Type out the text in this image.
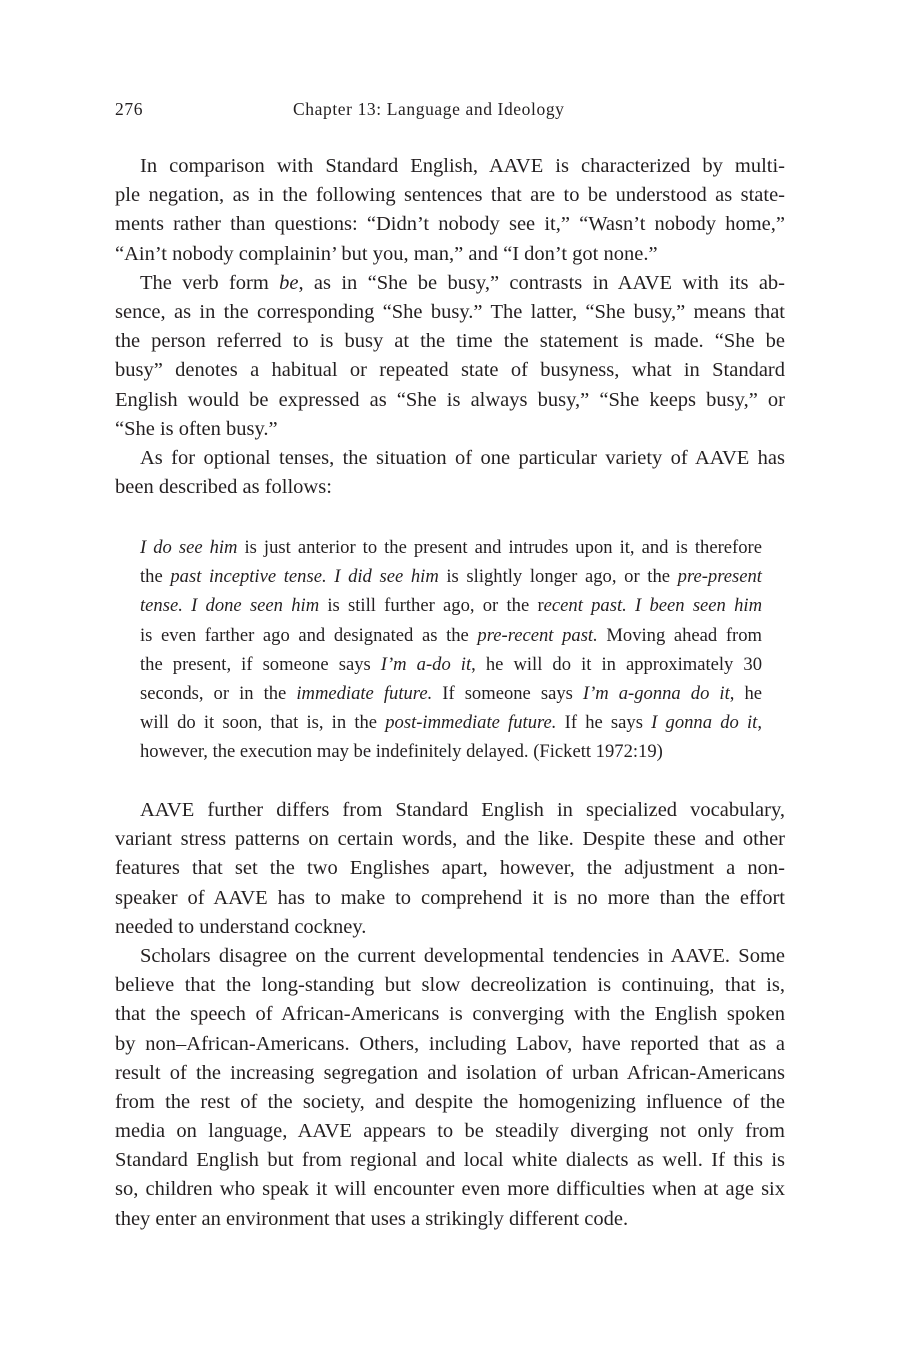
276	Chapter 13: Language and Ideology
In comparison with Standard English, AAVE is characterized by multi-
ple negation, as in the following sentences that are to be understood as state-
ments rather than questions: “Didn’t nobody see it,” “Wasn’t nobody home,”
“Ain’t nobody complainin’ but you, man,” and “I don’t got none.”
The verb form be, as in “She be busy,” contrasts in AAVE with its ab-
sence, as in the corresponding “She busy.” The latter, “She busy,” means that
the person referred to is busy at the time the statement is made. “She be
busy” denotes a habitual or repeated state of busyness, what in Standard
English would be expressed as “She is always busy,” “She keeps busy,” or
“She is often busy.”
As for optional tenses, the situation of one particular variety of AAVE has
been described as follows:
I do see him is just anterior to the present and intrudes upon it, and is therefore
the past inceptive tense. I did see him is slightly longer ago, or the pre-present
tense. I done seen him is still further ago, or the recent past. I been seen him
is even farther ago and designated as the pre-recent past. Moving ahead from
the present, if someone says I’m a-do it, he will do it in approximately 30
seconds, or in the immediate future. If someone says I’m a-gonna do it, he
will do it soon, that is, in the post-immediate future. If he says I gonna do it,
however, the execution may be indefinitely delayed. (Fickett 1972:19)
AAVE further differs from Standard English in specialized vocabulary,
variant stress patterns on certain words, and the like. Despite these and other
features that set the two Englishes apart, however, the adjustment a non-
speaker of AAVE has to make to comprehend it is no more than the effort
needed to understand cockney.
Scholars disagree on the current developmental tendencies in AAVE. Some
believe that the long-standing but slow decreolization is continuing, that is,
that the speech of African-Americans is converging with the English spoken
by non–African-Americans. Others, including Labov, have reported that as a
result of the increasing segregation and isolation of urban African-Americans
from the rest of the society, and despite the homogenizing influence of the
media on language, AAVE appears to be steadily diverging not only from
Standard English but from regional and local white dialects as well. If this is
so, children who speak it will encounter even more difficulties when at age six
they enter an environment that uses a strikingly different code.
